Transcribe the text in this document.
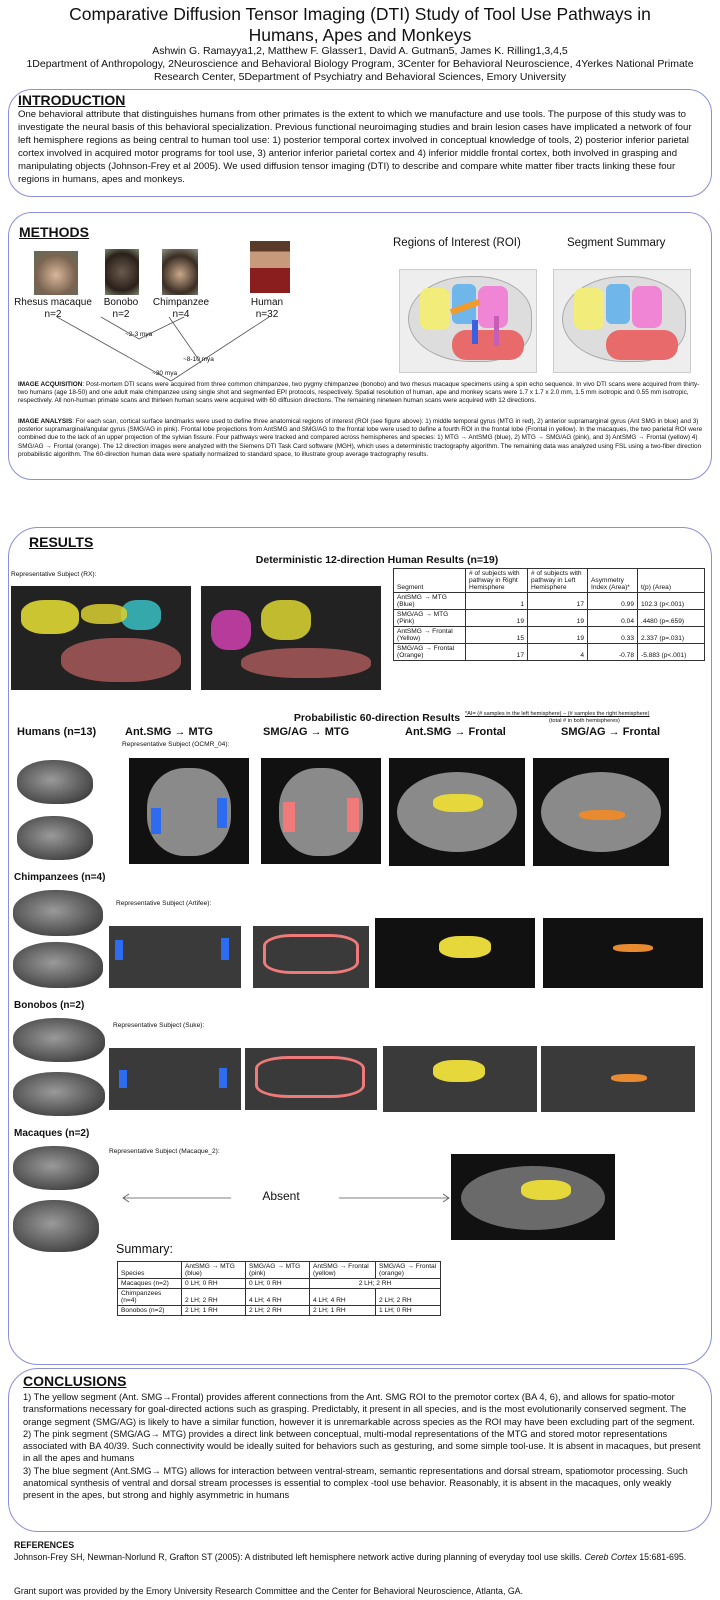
Comparative Diffusion Tensor Imaging (DTI) Study of Tool Use Pathways in
Humans, Apes and Monkeys
Ashwin G. Ramayya1,2, Matthew F. Glasser1, David A. Gutman5, James K. Rilling1,3,4,5
1Department of Anthropology, 2Neuroscience and Behavioral Biology Program, 3Center for Behavioral Neuroscience, 4Yerkes National Primate
Research Center, 5Department of Psychiatry and Behavioral Sciences, Emory University
INTRODUCTION
One behavioral attribute that distinguishes humans from other primates is the extent to which we manufacture and use tools. The purpose of this study was to investigate the neural basis of this behavioral specialization. Previous functional neuroimaging studies and brain lesion cases have implicated a network of four left hemisphere regions as being central to human tool use: 1) posterior temporal cortex involved in conceptual knowledge of tools, 2) posterior inferior parietal cortex involved in acquired motor programs for tool use, 3) anterior inferior parietal cortex and 4) inferior middle frontal cortex, both involved in grasping and manipulating objects (Johnson-Frey et al 2005). We used diffusion tensor imaging (DTI) to describe and compare white matter fiber tracts linking these four regions in humans, apes and monkeys.
METHODS
Rhesus macaque
n=2
Bonobo
n=2
Chimpanzee
n=4
Human
n=32
~2-3 mya
~8-10 mya
~30 mya
Regions of Interest (ROI)	Segment Summary
IMAGE ACQUISITION: Post-mortem DTI scans were acquired from three common chimpanzee, two pygmy chimpanzee (bonobo) and two rhesus macaque specimens using a spin echo sequence. In vivo DTI scans were acquired from thirty-two humans (age 18-50) and one adult male chimpanzee using single shot and segmented EPI protocols, respectively. Spatial resolution of human, ape and monkey scans were 1.7 x 1.7 x 2.0 mm, 1.5 mm isotropic and 0.55 mm isotropic, respectively. All non-human primate scans and thirteen human scans were acquired with 60 diffusion directions. The remaining nineteen human scans were acquired with 12 directions.
IMAGE ANALYSIS: For each scan, cortical surface landmarks were used to define three anatomical regions of interest (ROI (see figure above): 1) middle temporal gyrus (MTG in red), 2) anterior supramarginal gyrus (Ant SMG in blue) and 3) posterior supramarginal/angular gyrus (SMG/AG in pink). Frontal lobe projections from AntSMG and SMG/AG to the frontal lobe were used to define a fourth ROI in the frontal lobe (Frontal in yellow). In the macaques, the two parietal ROI were combined due to the lack of an upper projection of the sylvian fissure. Four pathways were tracked and compared across hemispheres and species: 1) MTG → AntSMG (blue), 2) MTG → SMG/AG (pink), and 3) AntSMG → Frontal (yellow) 4) SMG/AG → Frontal (orange). The 12 direction images were analyzed with the Siemens DTI Task Card software (MGH), which uses a deterministic tractography algorithm. The remaining data was analyzed using FSL using a two-fiber direction probabilistic algorithm. The 60-direction human data were spatially normalized to standard space, to illustrate group average tractography results.
RESULTS
Deterministic 12-direction Human Results (n=19)
Representative Subject (RX):
Segment	# of subjects with pathway in Right Hemisphere	# of subjects with pathway in Left Hemisphere	Asymmetry Index (Area)*	t(p) (Area)
AntSMG → MTG (Blue)	1	17	0.99	102.3 (p<.001)
SMG/AG → MTG (Pink)	19	19	0.04	.4480 (p=.659)
AntSMG → Frontal (Yellow)	15	19	0.33	2.337 (p=.031)
SMG/AG → Frontal (Orange)	17	4	-0.78	-5.883 (p<.001)
*AI= (# samples in the left hemisphere) – (# samples the right hemisphere)
(total # in both hemispheres)
Probabilistic 60-direction Results
Humans (n=13)	Ant.SMG → MTG	SMG/AG → MTG	Ant.SMG → Frontal	SMG/AG → Frontal
Representative Subject (OCMR_04):
Chimpanzees (n=4)
Representative Subject (Artifee):
Bonobos (n=2)
Representative Subject (Suke):
Macaques (n=2)
Representative Subject (Macaque_2):
Absent
Summary:
Species	AntSMG → MTG (blue)	SMG/AG → MTG (pink)	AntSMG → Frontal (yellow)	SMG/AG → Frontal (orange)
Macaques (n=2)	0 LH; 0 RH	0 LH; 0 RH	2 LH; 2 RH	
Chimpanzees (n=4)	2 LH; 2 RH	4 LH; 4 RH	4 LH; 4 RH	2 LH; 2 RH
Bonobos (n=2)	2 LH; 1 RH	2 LH; 2 RH	2 LH; 1 RH	1 LH; 0 RH
CONCLUSIONS
1) The yellow segment (Ant. SMG→Frontal) provides afferent connections from the Ant. SMG ROI to the premotor cortex (BA 4, 6), and allows for spatio-motor transformations necessary for goal-directed actions such as grasping. Predictably, it present in all species, and is the most evolutionarily conserved segment. The orange segment (SMG/AG) is likely to have a similar function, however it is unremarkable across species as the ROI may have been excluding part of the segment.
2) The pink segment (SMG/AG→ MTG) provides a direct link between conceptual, multi-modal representations of the MTG and stored motor representations associated with BA 40/39. Such connectivity would be ideally suited for behaviors such as gesturing, and some simple tool-use. It is absent in macaques, but present in all the apes and humans
3) The blue segment (Ant.SMG→ MTG) allows for interaction between ventral-stream, semantic representations and dorsal stream, spatiomotor processing. Such anatomical synthesis of ventral and dorsal stream processes is essential to complex -tool use behavior. Reasonably, it is absent in the macaques, only weakly present in the apes, but strong and highly asymmetric in humans
REFERENCES
Johnson-Frey SH, Newman-Norlund R, Grafton ST (2005): A distributed left hemisphere network active during planning of everyday tool use skills. Cereb Cortex 15:681-695.
Grant suport was provided by the Emory University Research Committee and the Center for Behavioral Neuroscience, Atlanta, GA.
